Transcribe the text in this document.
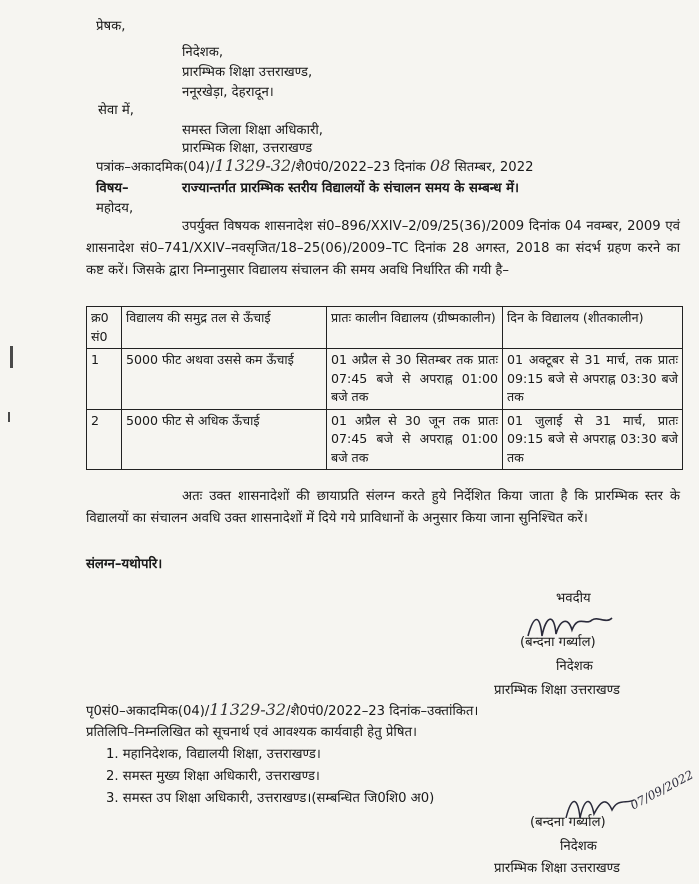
प्रेषक,
निदेशक,
प्रारम्भिक शिक्षा उत्तराखण्ड,
ननूरखेड़ा, देहरादून।
सेवा में,
समस्त जिला शिक्षा अधिकारी,
प्रारम्भिक शिक्षा, उत्तराखण्ड
पत्रांक–अकादमिक(04)/11329-32/शै0पं0/2022–23 दिनांक 08 सितम्बर, 2022
विषय–	राज्यान्तर्गत प्रारम्भिक स्तरीय विद्यालयों के संचालन समय के सम्बन्ध में।
महोदय,
उपर्युक्त विषयक शासनादेश सं0–896/XXIV–2/09/25(36)/2009 दिनांक 04 नवम्बर, 2009 एवं शासनादेश सं0–741/XXIV–नवसृजित/18–25(06)/2009–TC दिनांक 28 अगस्त, 2018 का संदर्भ ग्रहण करने का कष्ट करें। जिसके द्वारा निम्नानुसार विद्यालय संचालन की समय अवधि निर्धारित की गयी है–
क्र0 सं0	विद्यालय की समुद्र तल से ऊँचाई	प्रातः कालीन विद्यालय (ग्रीष्मकालीन)	दिन के विद्यालय (शीतकालीन)
1	5000 फीट अथवा उससे कम ऊँचाई	01 अप्रैल से 30 सितम्बर तक प्रातः 07:45 बजे से अपराह्न 01:00 बजे तक	01 अक्टूबर से 31 मार्च, तक प्रातः 09:15 बजे से अपराह्न 03:30 बजे तक
2	5000 फीट से अधिक ऊँचाई	01 अप्रैल से 30 जून तक प्रातः 07:45 बजे से अपराह्न 01:00 बजे तक	01 जुलाई से 31 मार्च, प्रातः 09:15 बजे से अपराह्न 03:30 बजे तक
अतः उक्त शासनादेशों की छायाप्रति संलग्न करते हुये निर्देशित किया जाता है कि प्रारम्भिक स्तर के विद्यालयों का संचालन अवधि उक्त शासनादेशों में दिये गये प्राविधानों के अनुसार किया जाना सुनिश्चित करें।
संलग्न–यथोपरि।
भवदीय
(बन्दना गर्ब्याल)
निदेशक
प्रारम्भिक शिक्षा उत्तराखण्ड
पृ0सं0–अकादमिक(04)/11329-32/शै0पं0/2022–23 दिनांक–उक्तांकित।
प्रतिलिपि–निम्नलिखित को सूचनार्थ एवं आवश्यक कार्यवाही हेतु प्रेषित।
1. महानिदेशक, विद्यालयी शिक्षा, उत्तराखण्ड।
2. समस्त मुख्य शिक्षा अधिकारी, उत्तराखण्ड।
3. समस्त उप शिक्षा अधिकारी, उत्तराखण्ड।(सम्बन्धित जि0शि0 अ0)
(बन्दना गर्ब्याल)
07/09/2022
निदेशक
प्रारम्भिक शिक्षा उत्तराखण्ड
